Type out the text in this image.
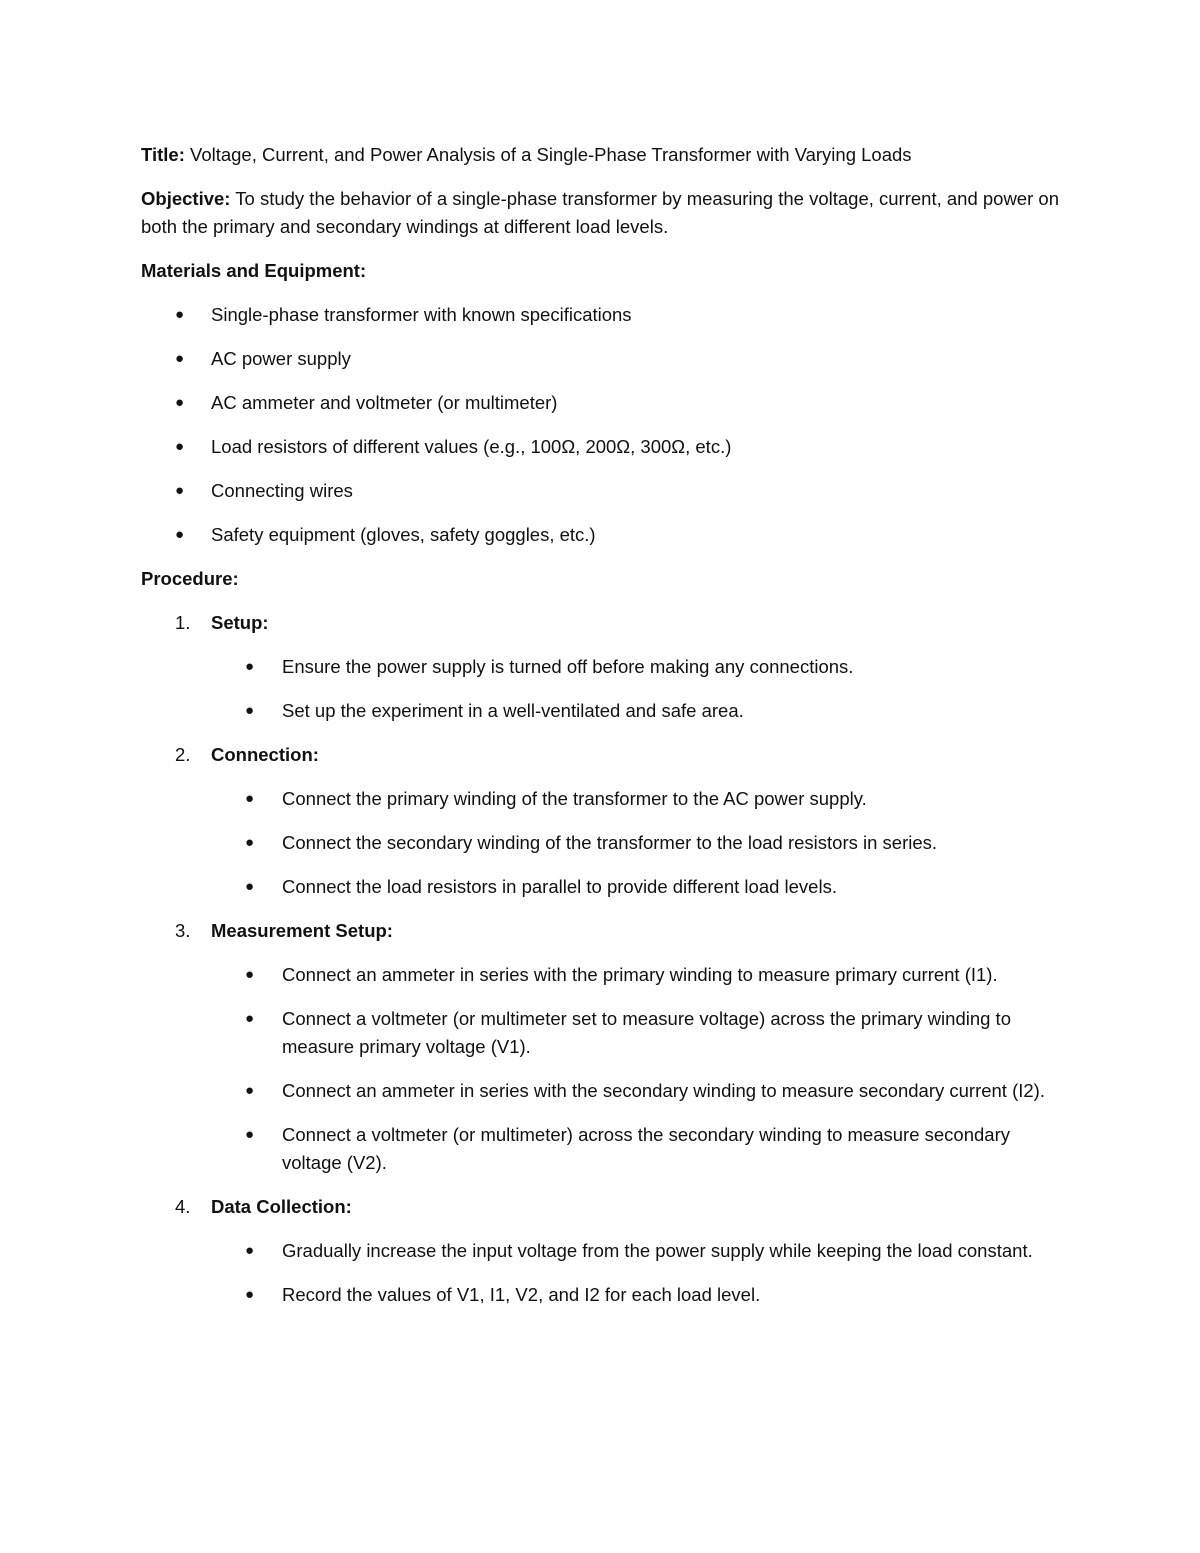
Title: Voltage, Current, and Power Analysis of a Single-Phase Transformer with Varying Loads

Objective: To study the behavior of a single-phase transformer by measuring the voltage, current, and power on both the primary and secondary windings at different load levels.

Materials and Equipment:
● Single-phase transformer with known specifications
● AC power supply
● AC ammeter and voltmeter (or multimeter)
● Load resistors of different values (e.g., 100Ω, 200Ω, 300Ω, etc.)
● Connecting wires
● Safety equipment (gloves, safety goggles, etc.)
Procedure:
1. Setup:
● Ensure the power supply is turned off before making any connections.
● Set up the experiment in a well-ventilated and safe area.
2. Connection:
● Connect the primary winding of the transformer to the AC power supply.
● Connect the secondary winding of the transformer to the load resistors in series.
● Connect the load resistors in parallel to provide different load levels.
3. Measurement Setup:
● Connect an ammeter in series with the primary winding to measure primary current (I1).
● Connect a voltmeter (or multimeter set to measure voltage) across the primary winding to measure primary voltage (V1).
● Connect an ammeter in series with the secondary winding to measure secondary current (I2).
● Connect a voltmeter (or multimeter) across the secondary winding to measure secondary voltage (V2).
4. Data Collection:
● Gradually increase the input voltage from the power supply while keeping the load constant.
● Record the values of V1, I1, V2, and I2 for each load level.
